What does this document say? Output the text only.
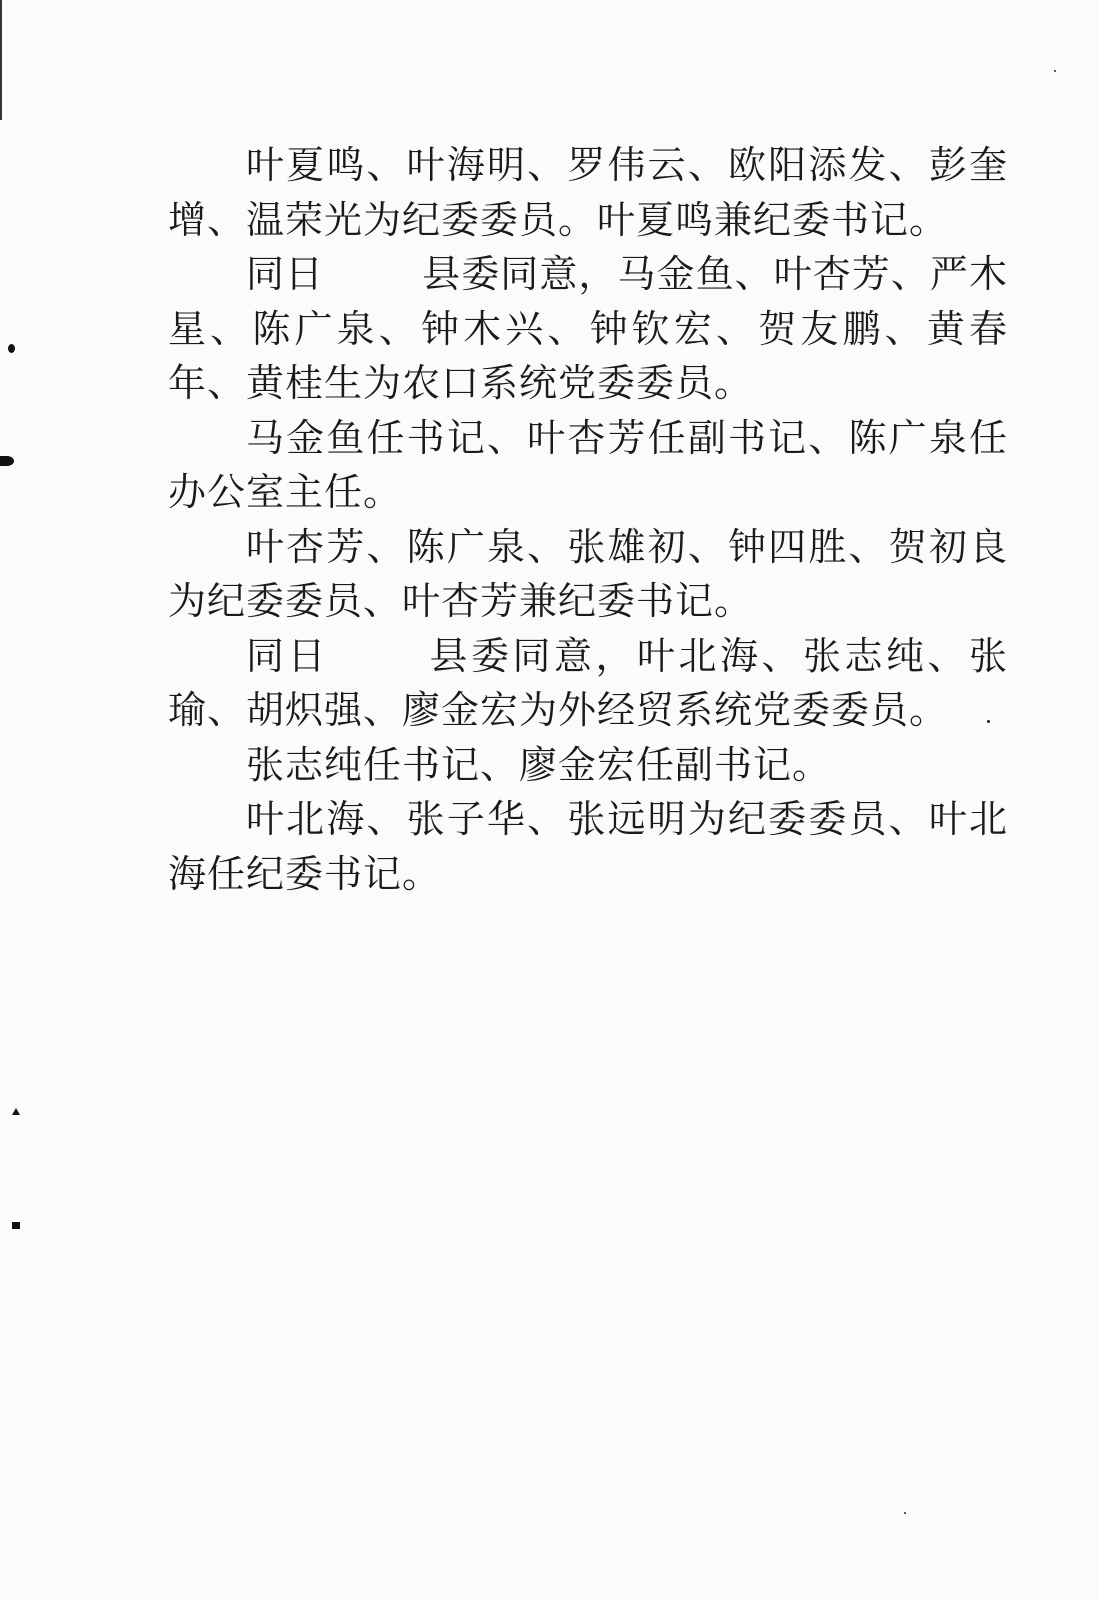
叶夏鸣、叶海明、罗伟云、欧阳添发、彭奎增、温荣光为纪委委员。叶夏鸣兼纪委书记。

同日	县委同意，马金鱼、叶杏芳、严木星、陈广泉、钟木兴、钟钦宏、贺友鹏、黄春年、黄桂生为农口系统党委委员。

马金鱼任书记、叶杏芳任副书记、陈广泉任办公室主任。

叶杏芳、陈广泉、张雄初、钟四胜、贺初良为纪委委员、叶杏芳兼纪委书记。

同日	县委同意，叶北海、张志纯、张瑜、胡炽强、廖金宏为外经贸系统党委委员。

张志纯任书记、廖金宏任副书记。

叶北海、张子华、张远明为纪委委员、叶北海任纪委书记。
